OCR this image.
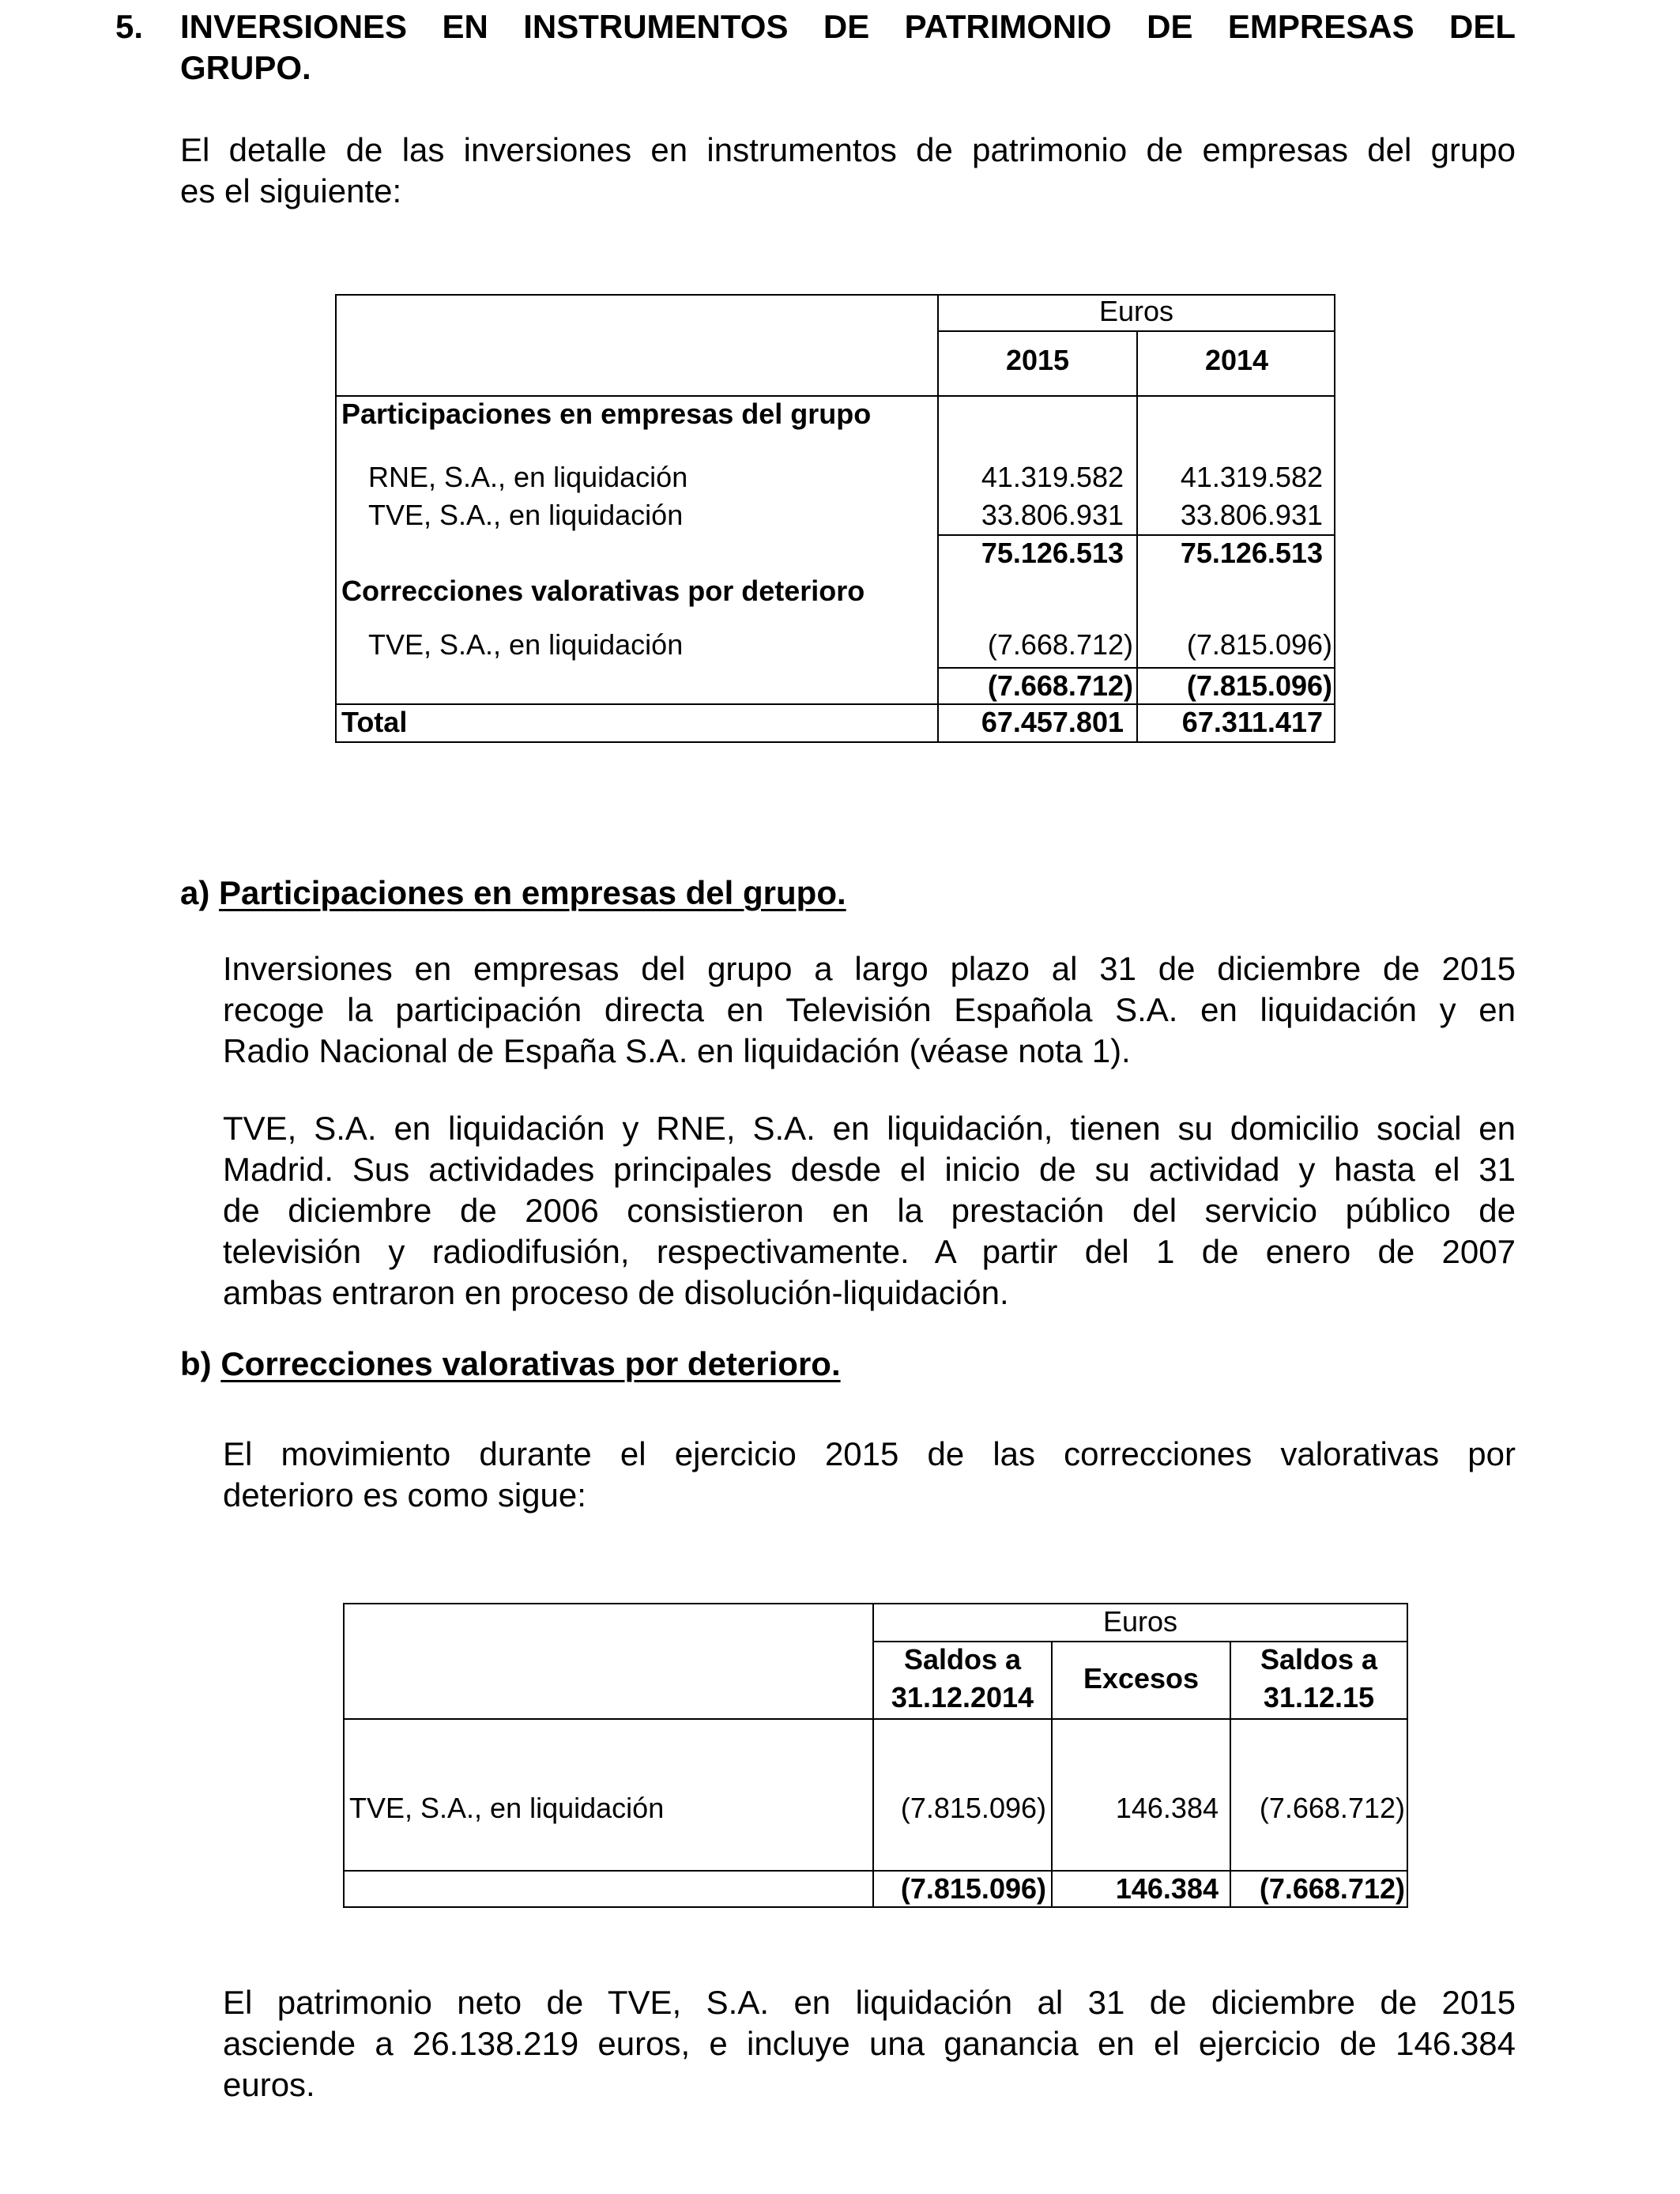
5. INVERSIONES EN INSTRUMENTOS DE PATRIMONIO DE EMPRESAS DEL
GRUPO.
El detalle de las inversiones en instrumentos de patrimonio de empresas del grupo
es el siguiente:
Euros
2015	2014
Participaciones en empresas del grupo
RNE, S.A., en liquidación	41.319.582	41.319.582
TVE, S.A., en liquidación	33.806.931	33.806.931
75.126.513	75.126.513
Correcciones valorativas por deterioro
TVE, S.A., en liquidación	(7.668.712)	(7.815.096)
(7.668.712)	(7.815.096)
Total	67.457.801	67.311.417
a) Participaciones en empresas del grupo.
Inversiones en empresas del grupo a largo plazo al 31 de diciembre de 2015
recoge la participación directa en Televisión Española S.A. en liquidación y en
Radio Nacional de España S.A. en liquidación (véase nota 1).
TVE, S.A. en liquidación y RNE, S.A. en liquidación, tienen su domicilio social en
Madrid. Sus actividades principales desde el inicio de su actividad y hasta el 31
de diciembre de 2006 consistieron en la prestación del servicio público de
televisión y radiodifusión, respectivamente. A partir del 1 de enero de 2007
ambas entraron en proceso de disolución-liquidación.
b) Correcciones valorativas por deterioro.
El movimiento durante el ejercicio 2015 de las correcciones valorativas por
deterioro es como sigue:
Euros
Saldos a
31.12.2014
Excesos
Saldos a
31.12.15
TVE, S.A., en liquidación	(7.815.096)	146.384	(7.668.712)
(7.815.096)	146.384	(7.668.712)
El patrimonio neto de TVE, S.A. en liquidación al 31 de diciembre de 2015
asciende a 26.138.219 euros, e incluye una ganancia en el ejercicio de 146.384
euros.
